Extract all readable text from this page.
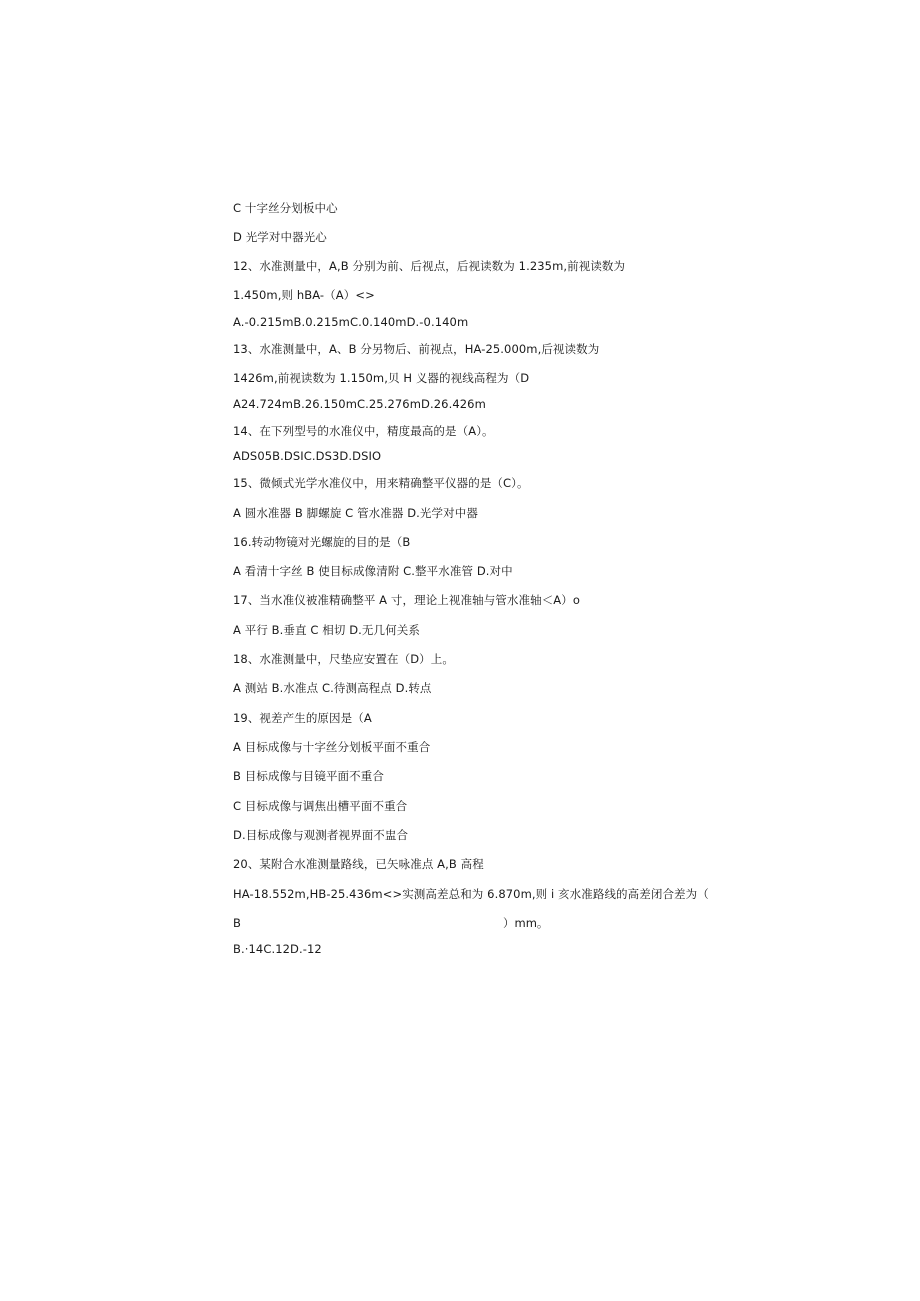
C 十字丝分划板中心
D 光学对中器光心
12、水准测量中，A,B 分别为前、后视点，后视读数为 1.235m,前视读数为
1.450m,则 hBA-（A）<>
A.-0.215mB.0.215mC.0.140mD.-0.140m
13、水准测量中，A、B 分另物后、前视点，HA-25.000m,后视读数为
1426m,前视读数为 1.150m,贝 H 义器的视线高程为（D
A24.724mB.26.150mC.25.276mD.26.426m
14、在下列型号的水准仪中，精度最高的是（A）。
ADS05B.DSIC.DS3D.DSIO
15、微倾式光学水准仪中，用来精确整平仪器的是（C）。
A 圆水准器 B 脚螺旋 C 管水准器 D.光学对中器
16.转动物镜对光螺旋的目的是（B
A 看清十字丝 B 使目标成像清附 C.整平水准管 D.对中
17、当水准仪被准精确整平 A 寸，理论上视准轴与管水准轴＜A）o
A 平行 B.垂直 C 相切 D.无几何关系
18、水准测量中，尺垫应安置在（D）上。
A 测站 B.水准点 C.待测高程点 D.转点
19、视差产生的原因是（A
A 目标成像与十字丝分划板平面不重合
B 目标成像与目镜平面不重合
C 目标成像与调焦出槽平面不重合
D.目标成像与观测者视界面不盅合
20、某附合水准测量路线，已矢咏准点 A,B 高程
HA-18.552m,HB-25.436m<>实测高差总和为 6.870m,则 i 亥水准路线的高差闭合差为（
B	）mm。
B.·14C.12D.-12
